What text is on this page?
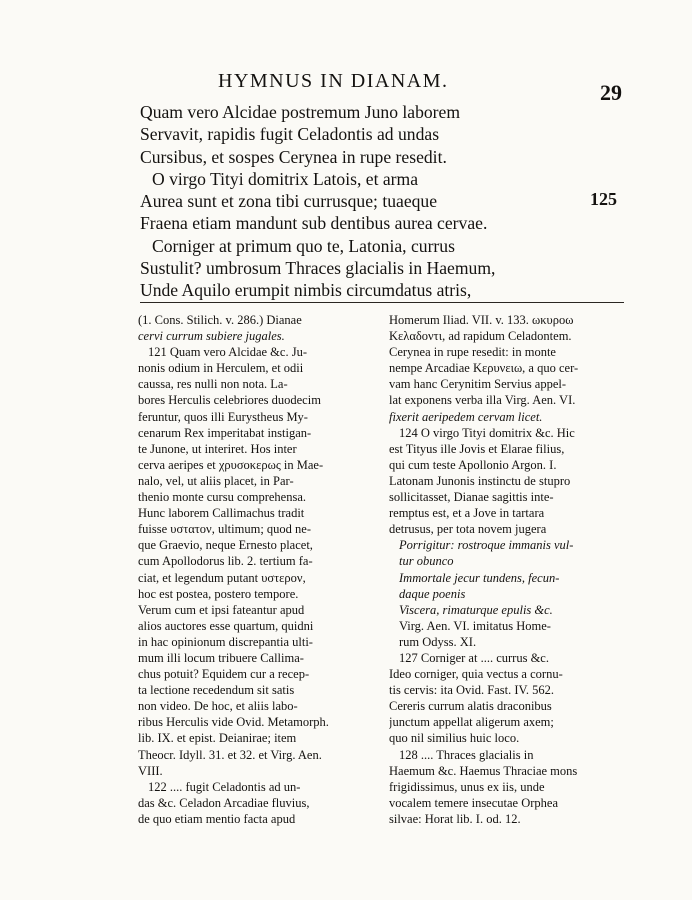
HYMNUS IN DIANAM.	29
Quam vero Alcidae postremum Juno laborem
Servavit, rapidis fugit Celadontis ad undas
Cursibus, et sospes Cerynea in rupe resedit.
O virgo Tityi domitrix Latois, et arma
Aurea sunt et zona tibi currusque; tuaeque
Fraena etiam mandunt sub dentibus aurea cervae.
Corniger at primum quo te, Latonia, currus
Sustulit? umbrosum Thraces glacialis in Haemum,
Unde Aquilo erumpit nimbis circumdatus atris,
125
(1. Cons. Stilich. v. 286.) Dianae
cervi currum subiere jugales.
121 Quam vero Alcidae &c. Ju-
nonis odium in Herculem, et odii
caussa, res nulli non nota. La-
bores Herculis celebriores duodecim
feruntur, quos illi Eurystheus My-
cenarum Rex imperitabat instigan-
te Junone, ut interiret. Hos inter
cerva aeripes et χρυσοκερως in Mae-
nalo, vel, ut aliis placet, in Par-
thenio monte cursu comprehensa.
Hunc laborem Callimachus tradit
fuisse υστατον, ultimum; quod ne-
que Graevio, neque Ernesto placet,
cum Apollodorus lib. 2. tertium fa-
ciat, et legendum putant υστερον,
hoc est postea, postero tempore.
Verum cum et ipsi fateantur apud
alios auctores esse quartum, quidni
in hac opinionum discrepantia ulti-
mum illi locum tribuere Callima-
chus potuit? Equidem cur a recep-
ta lectione recedendum sit satis
non video. De hoc, et aliis labo-
ribus Herculis vide Ovid. Metamorph.
lib. IX. et epist. Deianirae; item
Theocr. Idyll. 31. et 32. et Virg. Aen.
VIII.
122 .... fugit Celadontis ad un-
das &c. Celadon Arcadiae fluvius,
de quo etiam mentio facta apud
Homerum Iliad. VII. v. 133. ωκυροω
Κελαδοντι, ad rapidum Celadontem.
Cerynea in rupe resedit: in monte
nempe Arcadiae Κερυνειω, a quo cer-
vam hanc Cerynitim Servius appel-
lat exponens verba illa Virg. Aen. VI.
fixerit aeripedem cervam licet.
124 O virgo Tityi domitrix &c. Hic
est Tityus ille Jovis et Elarae filius,
qui cum teste Apollonio Argon. I.
Latonam Junonis instinctu de stupro
sollicitasset, Dianae sagittis inte-
remptus est, et a Jove in tartara
detrusus, per tota novem jugera
Porrigitur: rostroque immanis vul-
tur obunco
Immortale jecur tundens, fecun-
daque poenis
Viscera, rimaturque epulis &c.
Virg. Aen. VI. imitatus Home-
rum Odyss. XI.
127 Corniger at .... currus &c.
Ideo corniger, quia vectus a cornu-
tis cervis: ita Ovid. Fast. IV. 562.
Cereris currum alatis draconibus
junctum appellat aligerum axem;
quo nil similius huic loco.
128 .... Thraces glacialis in
Haemum &c. Haemus Thraciae mons
frigidissimus, unus ex iis, unde
vocalem temere insecutae Orphea
silvae: Horat lib. I. od. 12.
